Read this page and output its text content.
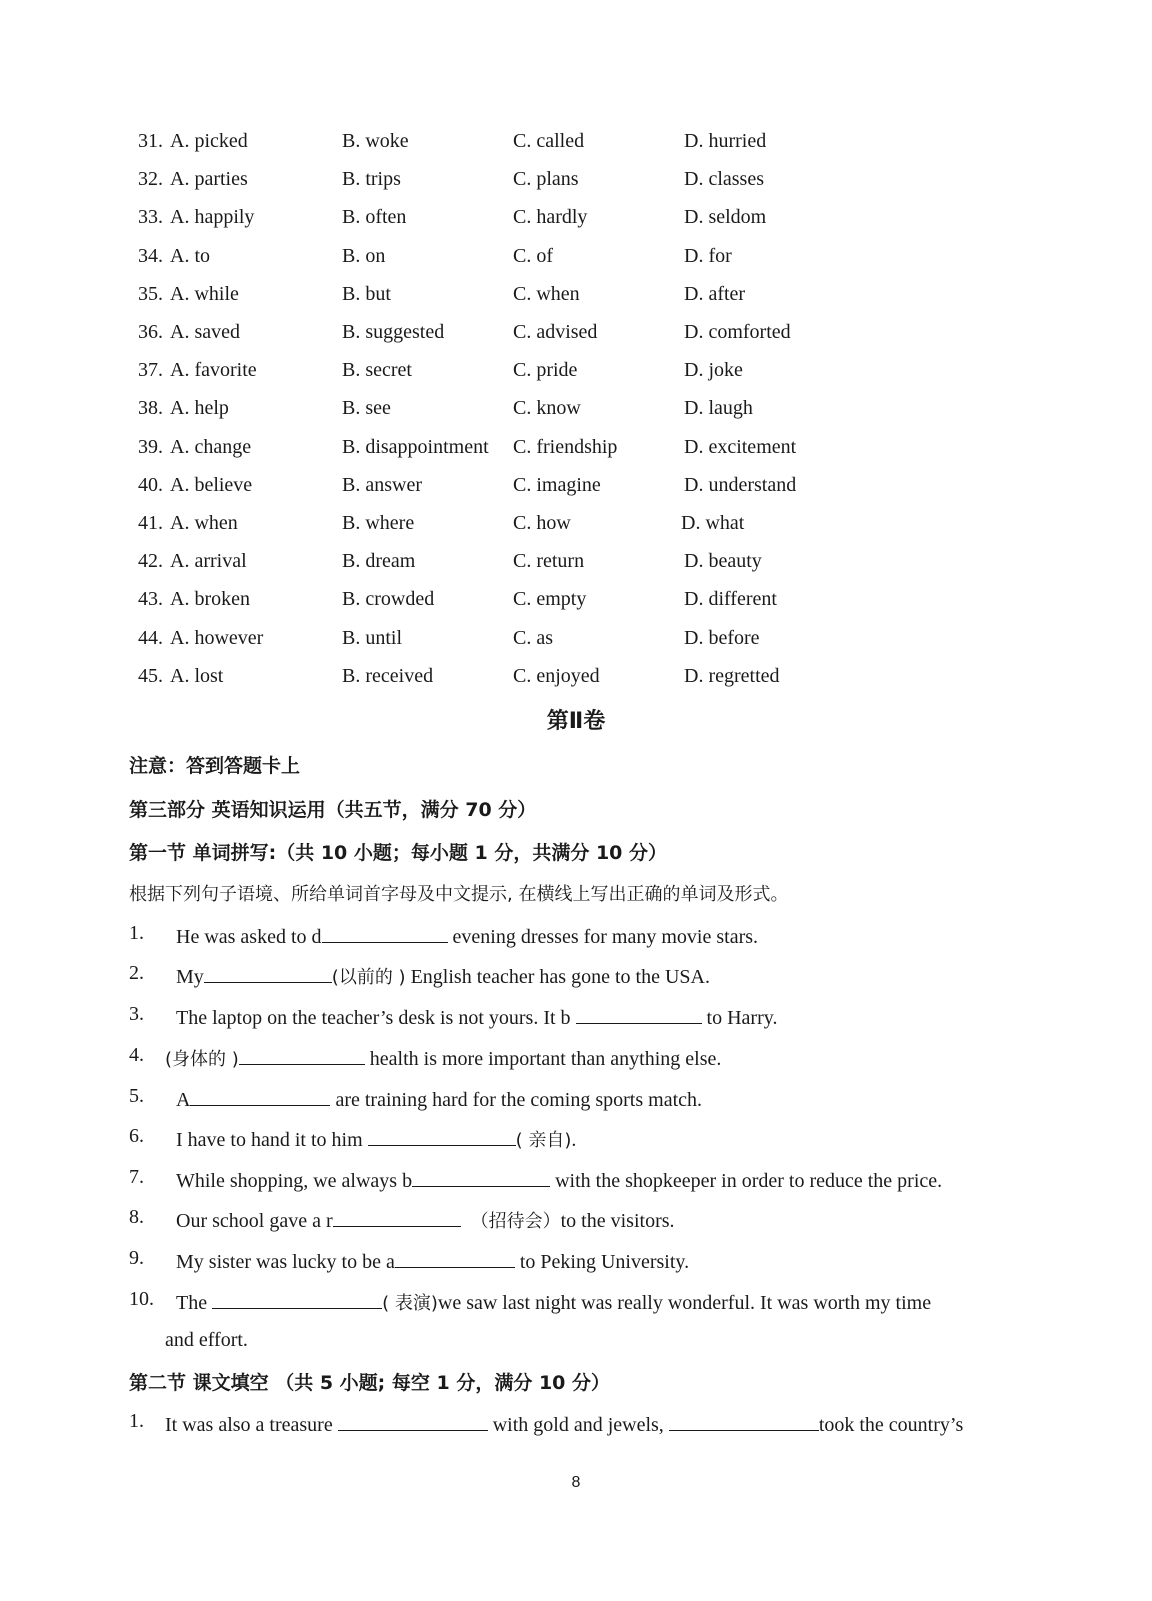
31. A. picked	B. woke	C. called	D. hurried
32. A. parties	B. trips	C. plans	D. classes
33. A. happily	B. often	C. hardly	D. seldom
34. A. to	B. on	C. of	D. for
35. A. while	B. but	C. when	D. after
36. A. saved	B. suggested	C. advised	D. comforted
37. A. favorite	B. secret	C. pride	D. joke
38. A. help	B. see	C. know	D. laugh
39. A. change	B. disappointment C. friendship	D. excitement
40. A. believe	B. answer	C. imagine	D. understand
41. A. when	B. where	C. how	D. what
42. A. arrival	B. dream	C. return	D. beauty
43. A. broken	B. crowded	C. empty	D. different
44. A. however	B. until	C. as	D. before
45. A. lost	B. received	C. enjoyed	D. regretted
第Ⅱ卷
注意：答到答题卡上
第三部分 英语知识运用（共五节，满分 70 分）
第一节 单词拼写:（共 10 小题；每小题 1 分，共满分 10 分）
根据下列句子语境、所给单词首字母及中文提示, 在横线上写出正确的单词及形式。
1. He was asked to d	evening dresses for many movie stars.
2. My	(以前的 ) English teacher has gone to the USA.
3. The laptop on the teacher’s desk is not yours. It b	to Harry.
4. (身体的 )	health is more important than anything else.
5. A	are training hard for the coming sports match.
6. I have to hand it to him	( 亲自).
7. While shopping, we always b	with the shopkeeper in order to reduce the price.
8. Our school gave a r	（招待会）to the visitors.
9. My sister was lucky to be a	to Peking University.
10. The	( 表演)we saw last night was really wonderful. It was worth my time
and effort.
第二节 课文填空 （共 5 小题; 每空 1 分，满分 10 分）
1. It was also a treasure	with gold and jewels,	took the country’s
8
